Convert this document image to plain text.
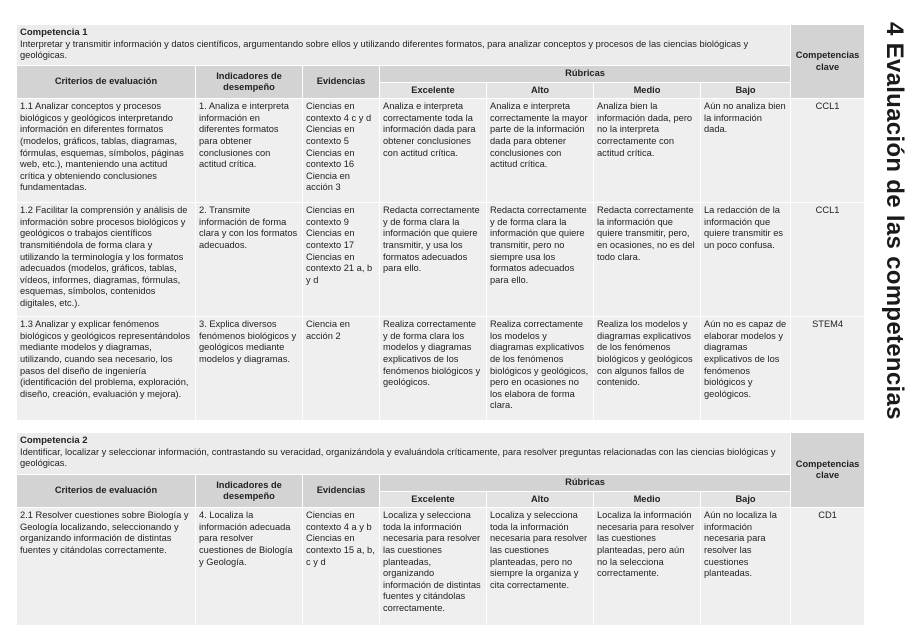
4 Evaluación de las competencias
Competencia 1
Interpretar y transmitir información y datos científicos, argumentando sobre ellos y utilizando diferentes formatos, para analizar conceptos y procesos de las ciencias biológicas y geológicas.							Competencias clave
Criterios de evaluación	Indicadores de desempeño	Evidencias	Rúbricas				
			Excelente	Alto	Medio	Bajo	
1.1 Analizar conceptos y procesos biológicos y geológicos interpretando información en diferentes formatos (modelos, gráficos, tablas, diagramas, fórmulas, esquemas, símbolos, páginas web, etc.), manteniendo una actitud crítica y obteniendo conclusiones fundamentadas.	1. Analiza e interpreta información en diferentes formatos para obtener conclusiones con actitud crítica.	Ciencias en contexto 4 c y d Ciencias en contexto 5 Ciencias en contexto 16 Ciencia en acción 3	Analiza e interpreta correctamente toda la información dada para obtener conclusiones con actitud crítica.	Analiza e interpreta correctamente la mayor parte de la información dada para obtener conclusiones con actitud crítica.	Analiza bien la información dada, pero no la interpreta correctamente con actitud crítica.	Aún no analiza bien la información dada.	CCL1
1.2 Facilitar la comprensión y análisis de información sobre procesos biológicos y geológicos o trabajos científicos transmitiéndola de forma clara y utilizando la terminología y los formatos adecuados (modelos, gráficos, tablas, vídeos, informes, diagramas, fórmulas, esquemas, símbolos, contenidos digitales, etc.).	2. Transmite información de forma clara y con los formatos adecuados.	Ciencias en contexto 9 Ciencias en contexto 17 Ciencias en contexto 21 a, b y d	Redacta correctamente y de forma clara la información que quiere transmitir, y usa los formatos adecuados para ello.	Redacta correctamente y de forma clara la información que quiere transmitir, pero no siempre usa los formatos adecuados para ello.	Redacta correctamente la información que quiere transmitir, pero, en ocasiones, no es del todo clara.	La redacción de la información que quiere transmitir es un poco confusa.	CCL1
1.3 Analizar y explicar fenómenos biológicos y geológicos representándolos mediante modelos y diagramas, utilizando, cuando sea necesario, los pasos del diseño de ingeniería (identificación del problema, exploración, diseño, creación, evaluación y mejora).	3. Explica diversos fenómenos biológicos y geológicos mediante modelos y diagramas.	Ciencia en acción 2	Realiza correctamente y de forma clara los modelos y diagramas explicativos de los fenómenos biológicos y geológicos.	Realiza correctamente los modelos y diagramas explicativos de los fenómenos biológicos y geológicos, pero en ocasiones no los elabora de forma clara.	Realiza los modelos y diagramas explicativos de los fenómenos biológicos y geológicos con algunos fallos de contenido.	Aún no es capaz de elaborar modelos y diagramas explicativos de los fenómenos biológicos y geológicos.	STEM4
Competencia 2
Identificar, localizar y seleccionar información, contrastando su veracidad, organizándola y evaluándola críticamente, para resolver preguntas relacionadas con las ciencias biológicas y geológicas.							Competencias clave
Criterios de evaluación	Indicadores de desempeño	Evidencias	Rúbricas				
			Excelente	Alto	Medio	Bajo	
2.1 Resolver cuestiones sobre Biología y Geología localizando, seleccionando y organizando información de distintas fuentes y citándolas correctamente.	4. Localiza la información adecuada para resolver cuestiones de Biología y Geología.	Ciencias en contexto 4 a y b Ciencias en contexto 15 a, b, c y d	Localiza y selecciona toda la información necesaria para resolver las cuestiones planteadas, organizando información de distintas fuentes y citándolas correctamente.	Localiza y selecciona toda la información necesaria para resolver las cuestiones planteadas, pero no siempre la organiza y cita correctamente.	Localiza la información necesaria para resolver las cuestiones planteadas, pero aún no la selecciona correctamente.	Aún no localiza la información necesaria para resolver las cuestiones planteadas.	CD1
